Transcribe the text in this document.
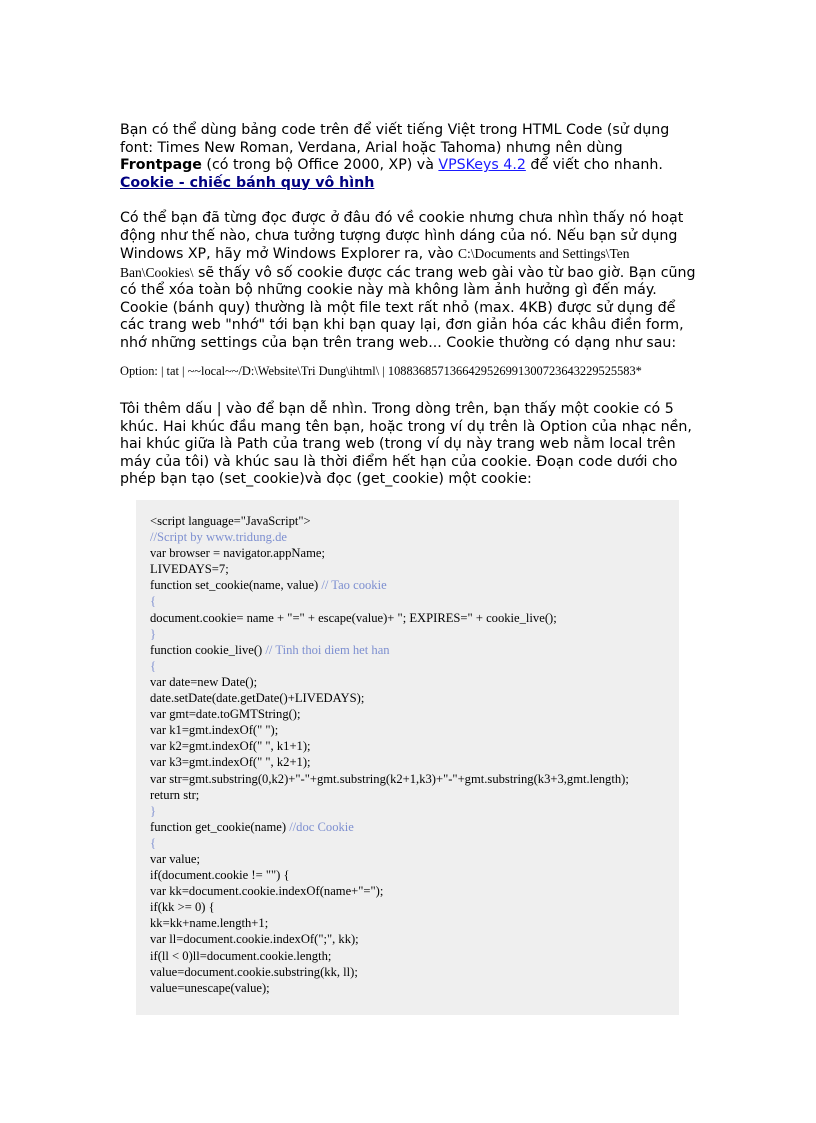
Bạn có thể dùng bảng code trên để viết tiếng Việt trong HTML Code (sử dụng font: Times New Roman, Verdana, Arial hoặc Tahoma) nhưng nên dùng Frontpage (có trong bộ Office 2000, XP) và VPSKeys 4.2 để viết cho nhanh.
Cookie - chiếc bánh quy vô hình
Có thể bạn đã từng đọc được ở đâu đó về cookie nhưng chưa nhìn thấy nó hoạt động như thế nào, chưa tưởng tượng được hình dáng của nó. Nếu bạn sử dụng Windows XP, hãy mở Windows Explorer ra, vào C:\Documents and Settings\Ten Ban\Cookies\ sẽ thấy vô số cookie được các trang web gài vào từ bao giờ. Bạn cũng có thể xóa toàn bộ những cookie này mà không làm ảnh hưởng gì đến máy. Cookie (bánh quy) thường là một file text rất nhỏ (max. 4KB) được sử dụng để các trang web "nhớ" tới bạn khi bạn quay lại, đơn giản hóa các khâu điền form, nhớ những settings của bạn trên trang web... Cookie thường có dạng như sau:
Option: | tat | ~~local~~/D:\Website\Tri Dung\ihtml\ | 1088368571366429526991300723643229525583*
Tôi thêm dấu | vào để bạn dễ nhìn. Trong dòng trên, bạn thấy một cookie có 5 khúc. Hai khúc đầu mang tên bạn, hoặc trong ví dụ trên là Option của nhạc nền, hai khúc giữa là Path của trang web (trong ví dụ này trang web nằm local trên máy của tôi) và khúc sau là thời điểm hết hạn của cookie. Đoạn code dưới cho phép bạn tạo (set_cookie)và đọc (get_cookie) một cookie:
<script language="JavaScript">
//Script by www.tridung.de
var browser = navigator.appName;
LIVEDAYS=7;
function set_cookie(name, value) // Tao cookie
{
document.cookie= name + "=" + escape(value)+ "; EXPIRES=" + cookie_live();
}
function cookie_live() // Tinh thoi diem het han
{
var date=new Date();
date.setDate(date.getDate()+LIVEDAYS);
var gmt=date.toGMTString();
var k1=gmt.indexOf(" ");
var k2=gmt.indexOf(" ", k1+1);
var k3=gmt.indexOf(" ", k2+1);
var str=gmt.substring(0,k2)+"-"+gmt.substring(k2+1,k3)+"-"+gmt.substring(k3+3,gmt.length);
return str;
}
function get_cookie(name) //doc Cookie
{
var value;
if(document.cookie != "") {
var kk=document.cookie.indexOf(name+"=");
if(kk >= 0) {
kk=kk+name.length+1;
var ll=document.cookie.indexOf(";", kk);
if(ll < 0)ll=document.cookie.length;
value=document.cookie.substring(kk, ll);
value=unescape(value);
